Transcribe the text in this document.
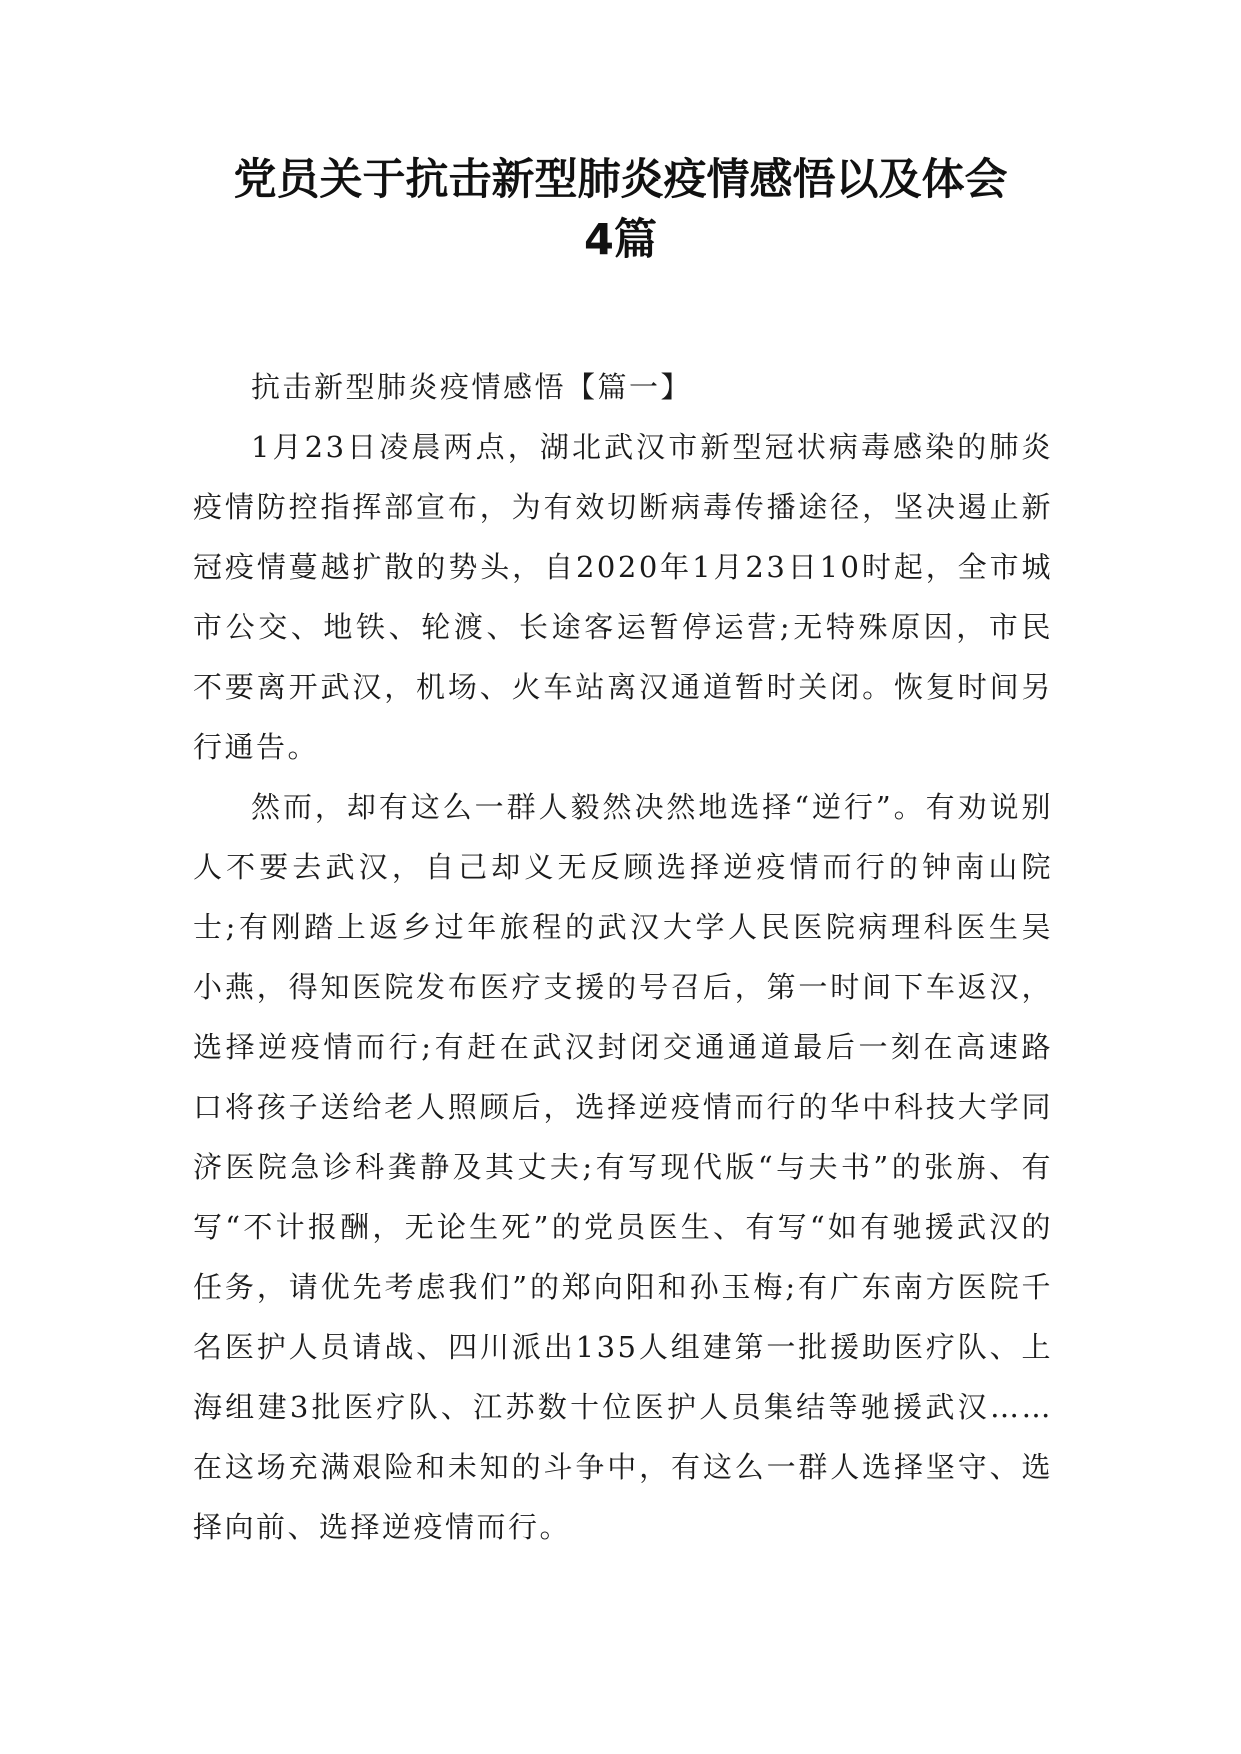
党员关于抗击新型肺炎疫情感悟以及体会
4篇

抗击新型肺炎疫情感悟【篇一】

1月23日凌晨两点，湖北武汉市新型冠状病毒感染的肺炎疫情防控指挥部宣布，为有效切断病毒传播途径，坚决遏止新冠疫情蔓越扩散的势头，自2020年1月23日10时起，全市城市公交、地铁、轮渡、长途客运暂停运营;无特殊原因，市民不要离开武汉，机场、火车站离汉通道暂时关闭。恢复时间另行通告。

然而，却有这么一群人毅然决然地选择“逆行”。有劝说别人不要去武汉，自己却义无反顾选择逆疫情而行的钟南山院士;有刚踏上返乡过年旅程的武汉大学人民医院病理科医生吴小燕，得知医院发布医疗支援的号召后，第一时间下车返汉，选择逆疫情而行;有赶在武汉封闭交通通道最后一刻在高速路口将孩子送给老人照顾后，选择逆疫情而行的华中科技大学同济医院急诊科龚静及其丈夫;有写现代版“与夫书”的张旃、有写“不计报酬，无论生死”的党员医生、有写“如有驰援武汉的任务，请优先考虑我们”的郑向阳和孙玉梅;有广东南方医院千名医护人员请战、四川派出135人组建第一批援助医疗队、上海组建3批医疗队、江苏数十位医护人员集结等驰援武汉……在这场充满艰险和未知的斗争中，有这么一群人选择坚守、选择向前、选择逆疫情而行。
